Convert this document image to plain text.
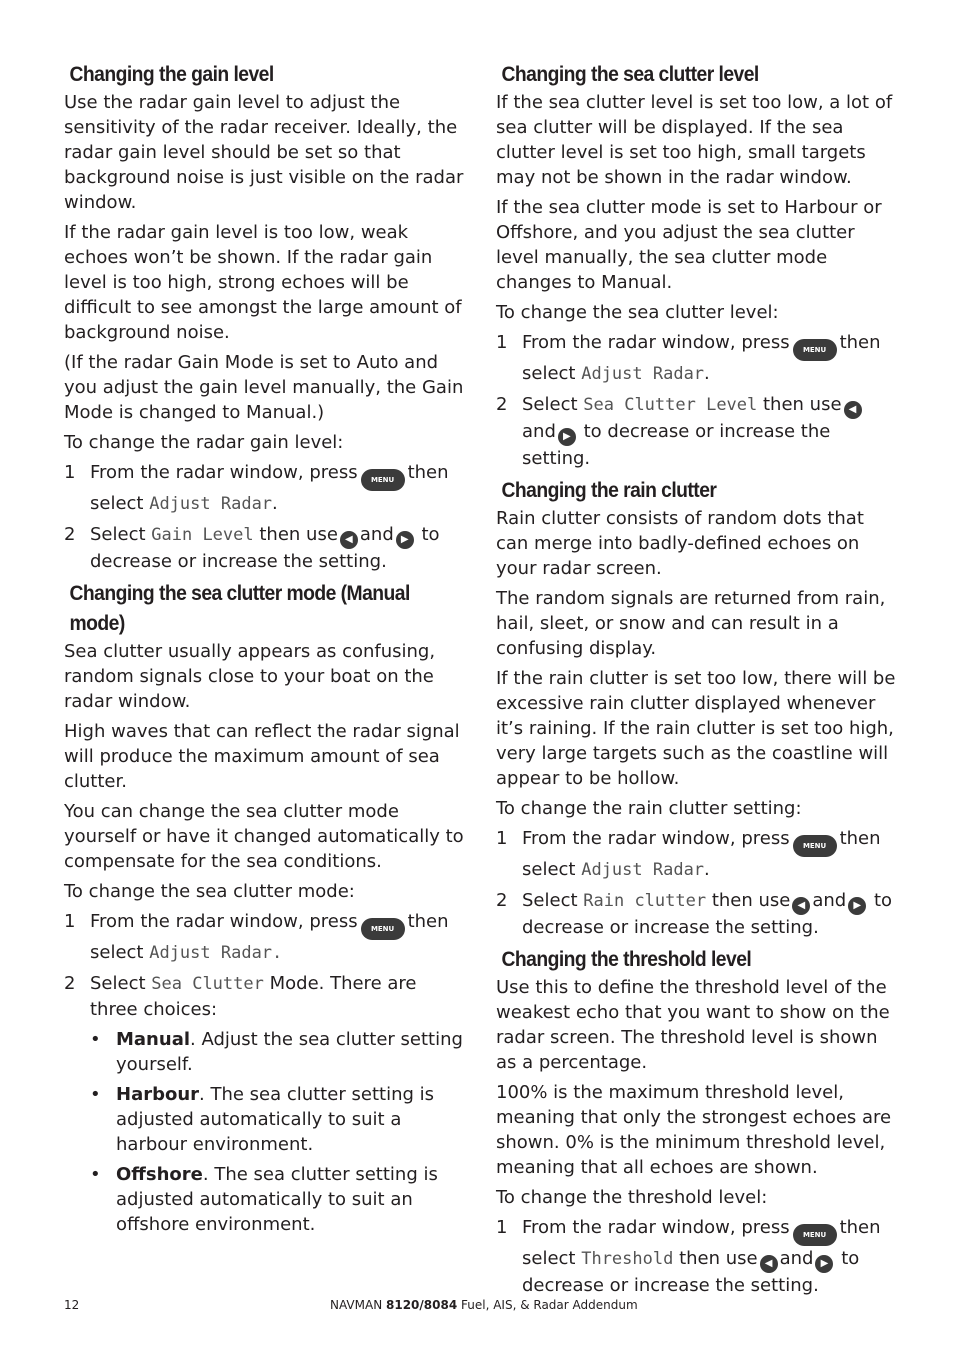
Changing the gain level

Use the radar gain level to adjust the sensitivity of the radar receiver. Ideally, the radar gain level should be set so that background noise is just visible on the radar window.

If the radar gain level is too low, weak echoes won’t be shown. If the radar gain level is too high, strong echoes will be difficult to see amongst the large amount of background noise.

(If the radar Gain Mode is set to Auto and you adjust the gain level manually, the Gain Mode is changed to Manual.)

To change the radar gain level:

1 From the radar window, press MENU then select Adjust Radar.
2 Select Gain Level then use ◀ and ▶ to decrease or increase the setting.
Changing the sea clutter mode (Manual mode)

Sea clutter usually appears as confusing, random signals close to your boat on the radar window.

High waves that can reflect the radar signal will produce the maximum amount of sea clutter.

You can change the sea clutter mode yourself or have it changed automatically to compensate for the sea conditions.

To change the sea clutter mode:

1 From the radar window, press MENU then select Adjust Radar.
2 Select Sea Clutter Mode. There are three choices:
• Manual. Adjust the sea clutter setting yourself.
• Harbour. The sea clutter setting is adjusted automatically to suit a harbour environment.
• Offshore. The sea clutter setting is adjusted automatically to suit an offshore environment.
Changing the sea clutter level

If the sea clutter level is set too low, a lot of sea clutter will be displayed. If the sea clutter level is set too high, small targets may not be shown in the radar window.

If the sea clutter mode is set to Harbour or Offshore, and you adjust the sea clutter level manually, the sea clutter mode changes to Manual.

To change the sea clutter level:

1 From the radar window, press MENU then select Adjust Radar.
2 Select Sea Clutter Level then use ◀and ▶ to decrease or increase the setting.
Changing the rain clutter

Rain clutter consists of random dots that can merge into badly-defined echoes on your radar screen.

The random signals are returned from rain, hail, sleet, or snow and can result in a confusing display.

If the rain clutter is set too low, there will be excessive rain clutter displayed whenever it’s raining. If the rain clutter is set too high, very large targets such as the coastline will appear to be hollow.

To change the rain clutter setting:

1 From the radar window, press MENU then select Adjust Radar.
2 Select Rain clutter then use ◀ and ▶ to decrease or increase the setting.
Changing the threshold level

Use this to define the threshold level of the weakest echo that you want to show on the radar screen. The threshold level is shown as a percentage.

100% is the maximum threshold level, meaning that only the strongest echoes are shown. 0% is the minimum threshold level, meaning that all echoes are shown.

To change the threshold level:

1 From the radar window, press MENU then select Threshold then use ◀ and ▶ to decrease or increase the setting.
12	NAVMAN 8120/8084 Fuel, AIS, & Radar Addendum
